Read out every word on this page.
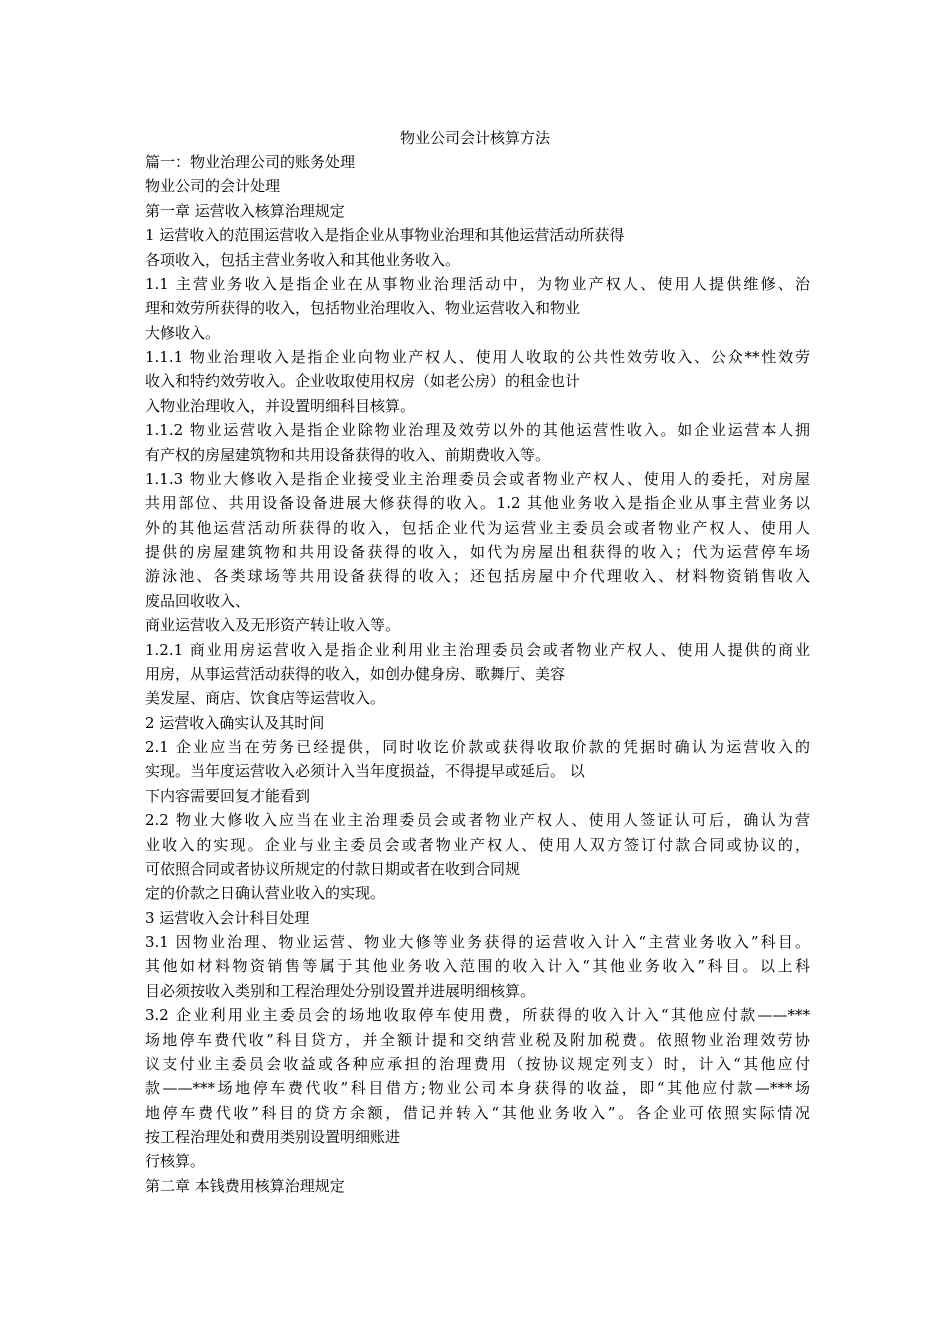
物业公司会计核算方法
篇一：物业治理公司的账务处理
物业公司的会计处理
第一章 运营收入核算治理规定
1 运营收入的范围运营收入是指企业从事物业治理和其他运营活动所获得
各项收入，包括主营业务收入和其他业务收入。
1.1 主营业务收入是指企业在从事物业治理活动中，为物业产权人、使用人提供维修、治
理和效劳所获得的收入，包括物业治理收入、物业运营收入和物业
大修收入。
1.1.1 物业治理收入是指企业向物业产权人、使用人收取的公共性效劳收入、公众**性效劳
收入和特约效劳收入。企业收取使用权房（如老公房）的租金也计
入物业治理收入，并设置明细科目核算。
1.1.2 物业运营收入是指企业除物业治理及效劳以外的其他运营性收入。如企业运营本人拥
有产权的房屋建筑物和共用设备获得的收入、前期费收入等。
1.1.3 物业大修收入是指企业接受业主治理委员会或者物业产权人、使用人的委托，对房屋
共用部位、共用设备设备进展大修获得的收入。1.2 其他业务收入是指企业从事主营业务以
外的其他运营活动所获得的收入，包括企业代为运营业主委员会或者物业产权人、使用人
提供的房屋建筑物和共用设备获得的收入，如代为房屋出租获得的收入；代为运营停车场
游泳池、各类球场等共用设备获得的收入；还包括房屋中介代理收入、材料物资销售收入
废品回收收入、
商业运营收入及无形资产转让收入等。
1.2.1 商业用房运营收入是指企业利用业主治理委员会或者物业产权人、使用人提供的商业
用房，从事运营活动获得的收入，如创办健身房、歌舞厅、美容
美发屋、商店、饮食店等运营收入。
2 运营收入确实认及其时间
2.1 企业应当在劳务已经提供，同时收讫价款或获得收取价款的凭据时确认为运营收入的
实现。当年度运营收入必须计入当年度损益，不得提早或延后。 以
下内容需要回复才能看到
2.2 物业大修收入应当在业主治理委员会或者物业产权人、使用人签证认可后，确认为营
业收入的实现。企业与业主委员会或者物业产权人、使用人双方签订付款合同或协议的，
可依照合同或者协议所规定的付款日期或者在收到合同规
定的价款之日确认营业收入的实现。
3 运营收入会计科目处理
3.1 因物业治理、物业运营、物业大修等业务获得的运营收入计入“主营业务收入”科目。
其他如材料物资销售等属于其他业务收入范围的收入计入“其他业务收入”科目。以上科
目必须按收入类别和工程治理处分别设置并进展明细核算。
3.2 企业利用业主委员会的场地收取停车使用费，所获得的收入计入“其他应付款——***
场地停车费代收”科目贷方，并全额计提和交纳营业税及附加税费。依照物业治理效劳协
议支付业主委员会收益或各种应承担的治理费用（按协议规定列支）时，计入“其他应付
款——***场地停车费代收”科目借方;物业公司本身获得的收益，即“其他应付款—***场
地停车费代收”科目的贷方余额，借记并转入“其他业务收入”。各企业可依照实际情况
按工程治理处和费用类别设置明细账进
行核算。
第二章 本钱费用核算治理规定
